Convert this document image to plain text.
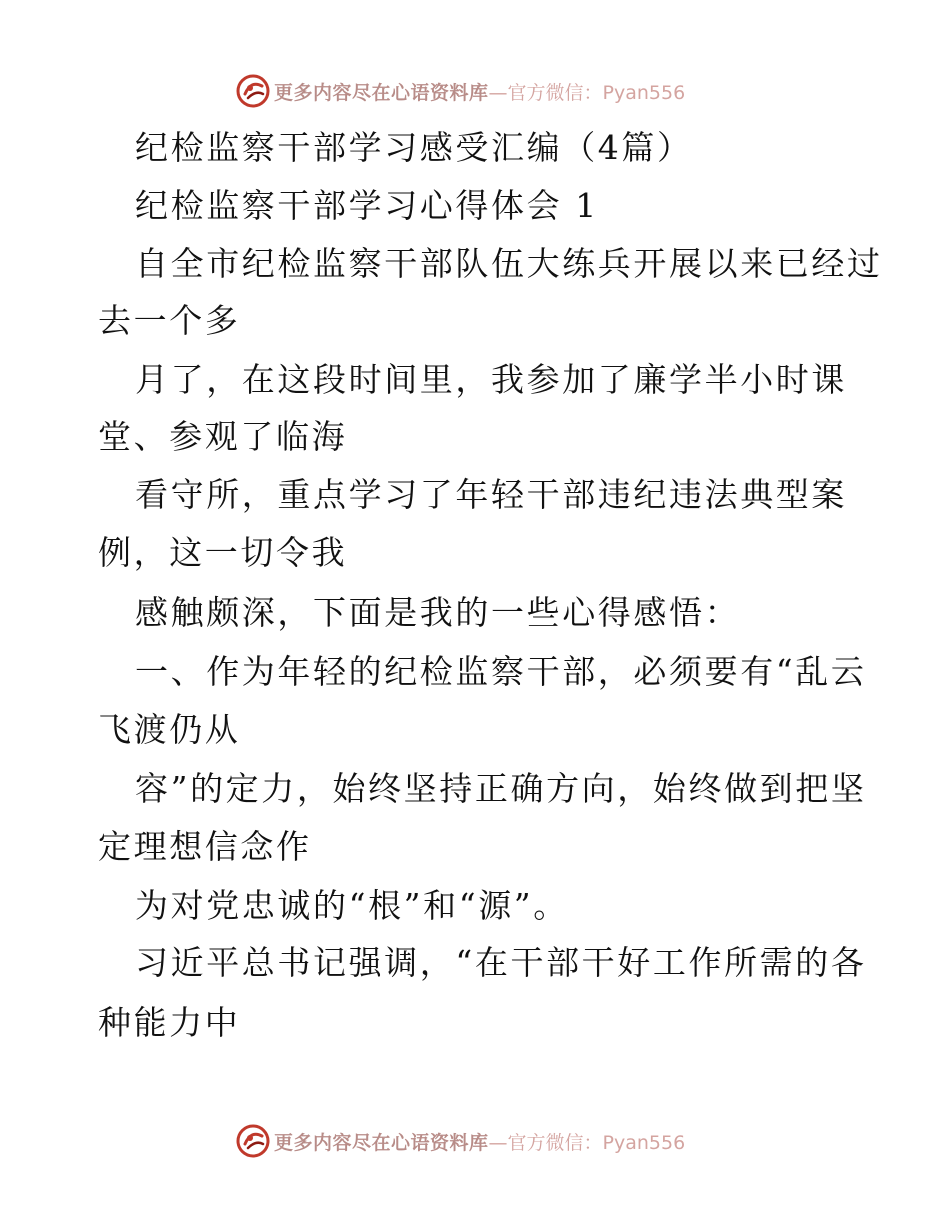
更多内容尽在心语资料库 —官方微信：Pyan556
纪检监察干部学习感受汇编（4篇）
纪检监察干部学习心得体会 1
自全市纪检监察干部队伍大练兵开展以来已经过
去一个多
月了，在这段时间里，我参加了廉学半小时课
堂、参观了临海
看守所，重点学习了年轻干部违纪违法典型案
例，这一切令我
感触颇深，下面是我的一些心得感悟：
一、作为年轻的纪检监察干部，必须要有“乱云
飞渡仍从
容”的定力，始终坚持正确方向，始终做到把坚
定理想信念作
为对党忠诚的“根”和“源”。
习近平总书记强调，“在干部干好工作所需的各
种能力中
更多内容尽在心语资料库 —官方微信：Pyan556
